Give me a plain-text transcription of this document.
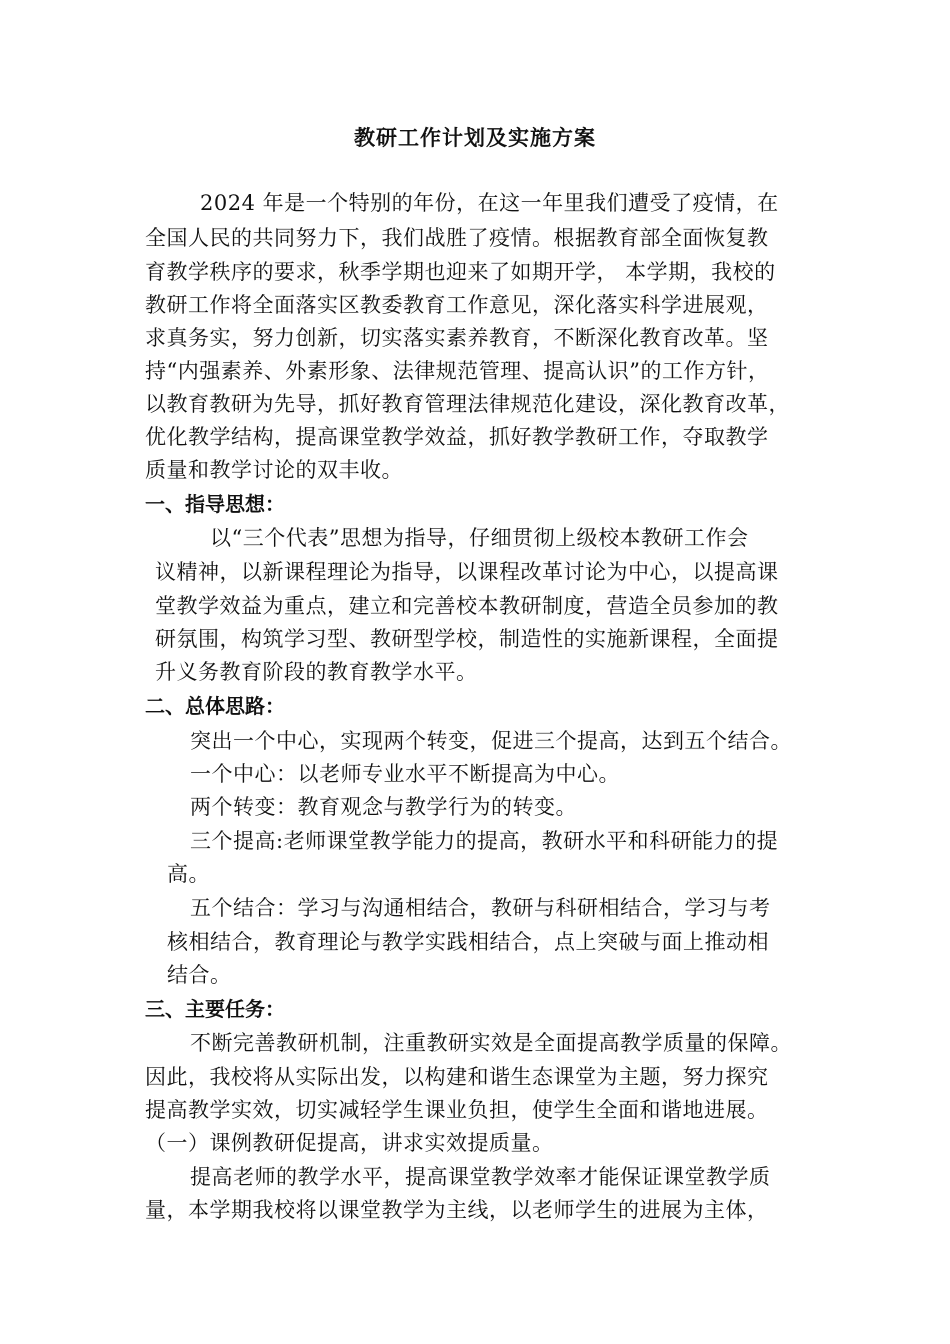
教研工作计划及实施方案
2024 年是一个特别的年份，在这一年里我们遭受了疫情，在
全国人民的共同努力下，我们战胜了疫情。根据教育部全面恢复教
育教学秩序的要求，秋季学期也迎来了如期开学， 本学期，我校的
教研工作将全面落实区教委教育工作意见，深化落实科学进展观，
求真务实，努力创新，切实落实素养教育，不断深化教育改革。坚
持“内强素养、外素形象、法律规范管理、提高认识”的工作方针，
以教育教研为先导，抓好教育管理法律规范化建设，深化教育改革，
优化教学结构，提高课堂教学效益，抓好教学教研工作，夺取教学
质量和教学讨论的双丰收。
一、指导思想：
以“三个代表”思想为指导，仔细贯彻上级校本教研工作会
议精神，以新课程理论为指导，以课程改革讨论为中心，以提高课
堂教学效益为重点，建立和完善校本教研制度，营造全员参加的教
研氛围，构筑学习型、教研型学校，制造性的实施新课程，全面提
升义务教育阶段的教育教学水平。
二、总体思路：
突出一个中心，实现两个转变，促进三个提高，达到五个结合。
一个中心：以老师专业水平不断提高为中心。
两个转变：教育观念与教学行为的转变。
三个提高:老师课堂教学能力的提高，教研水平和科研能力的提
高。
五个结合：学习与沟通相结合，教研与科研相结合，学习与考
核相结合，教育理论与教学实践相结合，点上突破与面上推动相
结合。
三、主要任务：
不断完善教研机制，注重教研实效是全面提高教学质量的保障。
因此，我校将从实际出发，以构建和谐生态课堂为主题，努力探究
提高教学实效，切实减轻学生课业负担，使学生全面和谐地进展。
（一）课例教研促提高，讲求实效提质量。
提高老师的教学水平，提高课堂教学效率才能保证课堂教学质
量，本学期我校将以课堂教学为主线，以老师学生的进展为主体，
